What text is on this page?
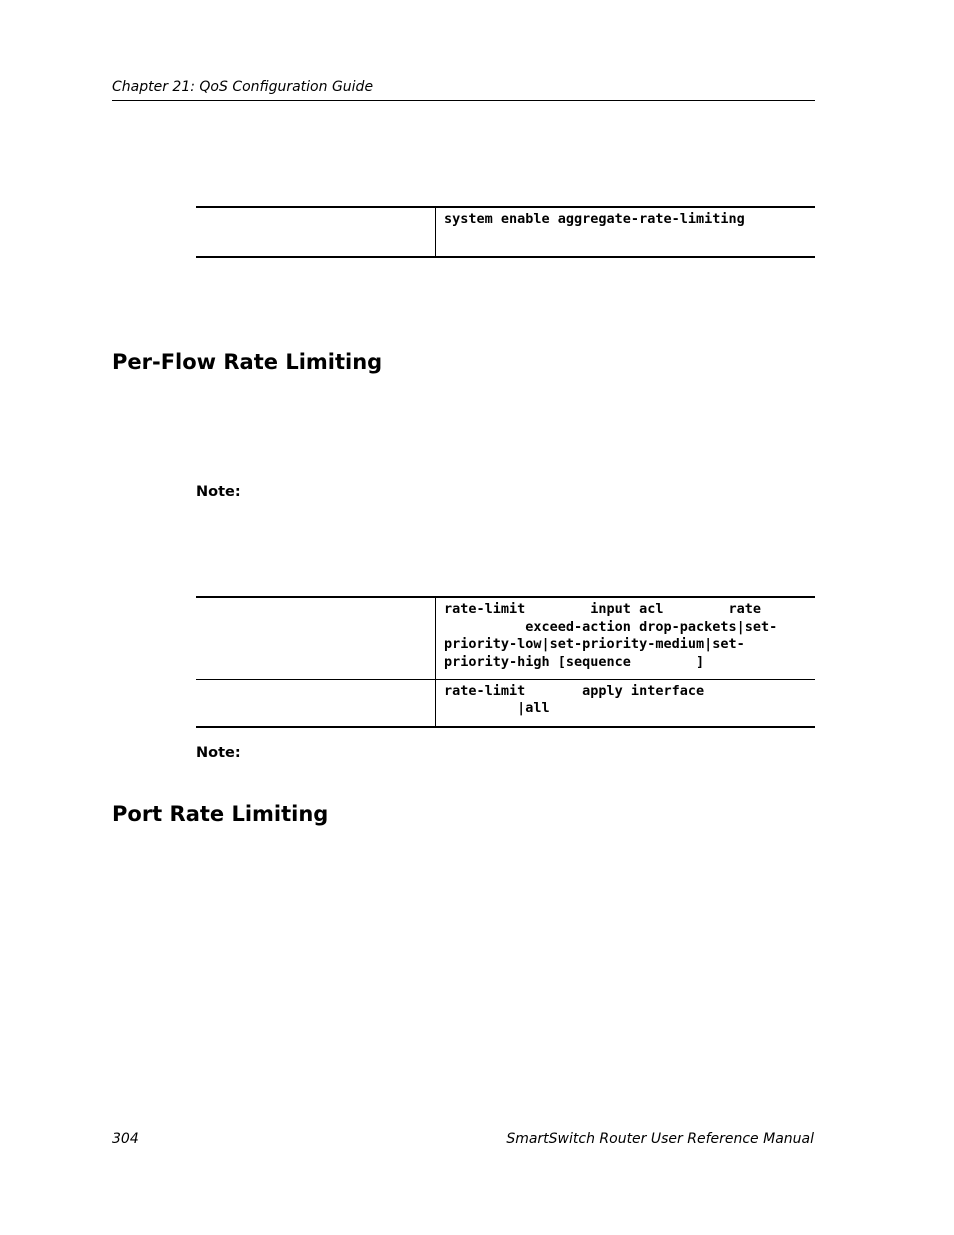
Chapter 21: QoS Configuration Guide
	system enable aggregate-rate-limiting
Per-Flow Rate Limiting
Note:
	rate-limit        input acl        rate
exceed-action drop-packets|set-
priority-low|set-priority-medium|set-
priority-high [sequence        ]
	rate-limit       apply interface
|all
Note:
Port Rate Limiting
304	SmartSwitch Router User Reference Manual
